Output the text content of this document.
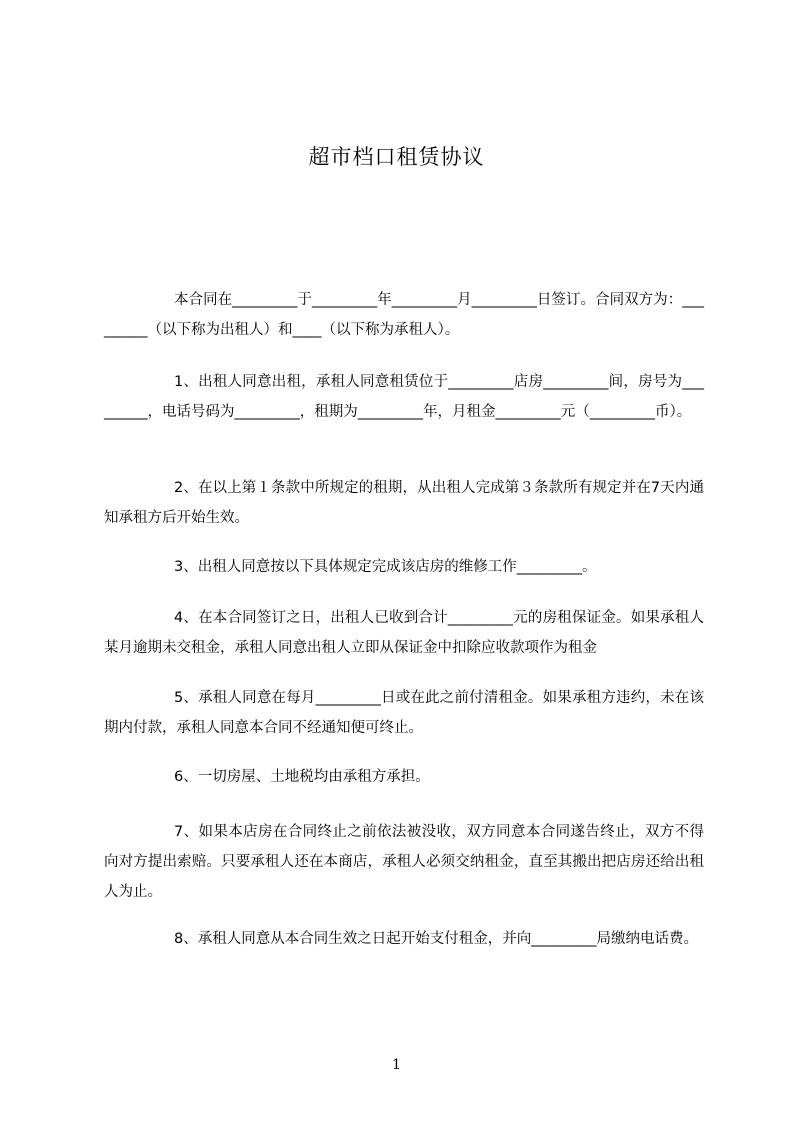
超市档口租赁协议

本合同在_________于_________年_________月_________日签订。合同双方为：_________（以下称为出租人）和____（以下称为承租人）。

1、出租人同意出租，承租人同意租赁位于_________店房_________间，房号为_________，电话号码为_________，租期为_________年，月租金_________元（_________币）。

2、在以上第１条款中所规定的租期，从出租人完成第３条款所有规定并在7天内通知承租方后开始生效。

3、出租人同意按以下具体规定完成该店房的维修工作_________。

4、在本合同签订之日，出租人已收到合计_________元的房租保证金。如果承租人某月逾期未交租金，承租人同意出租人立即从保证金中扣除应收款项作为租金

5、承租人同意在每月_________日或在此之前付清租金。如果承租方违约，未在该期内付款，承租人同意本合同不经通知便可终止。

6、一切房屋、土地税均由承租方承担。

7、如果本店房在合同终止之前依法被没收，双方同意本合同遂告终止，双方不得向对方提出索赔。只要承租人还在本商店，承租人必须交纳租金，直至其搬出把店房还给出租人为止。

8、承租人同意从本合同生效之日起开始支付租金，并向_________局缴纳电话费。

1
